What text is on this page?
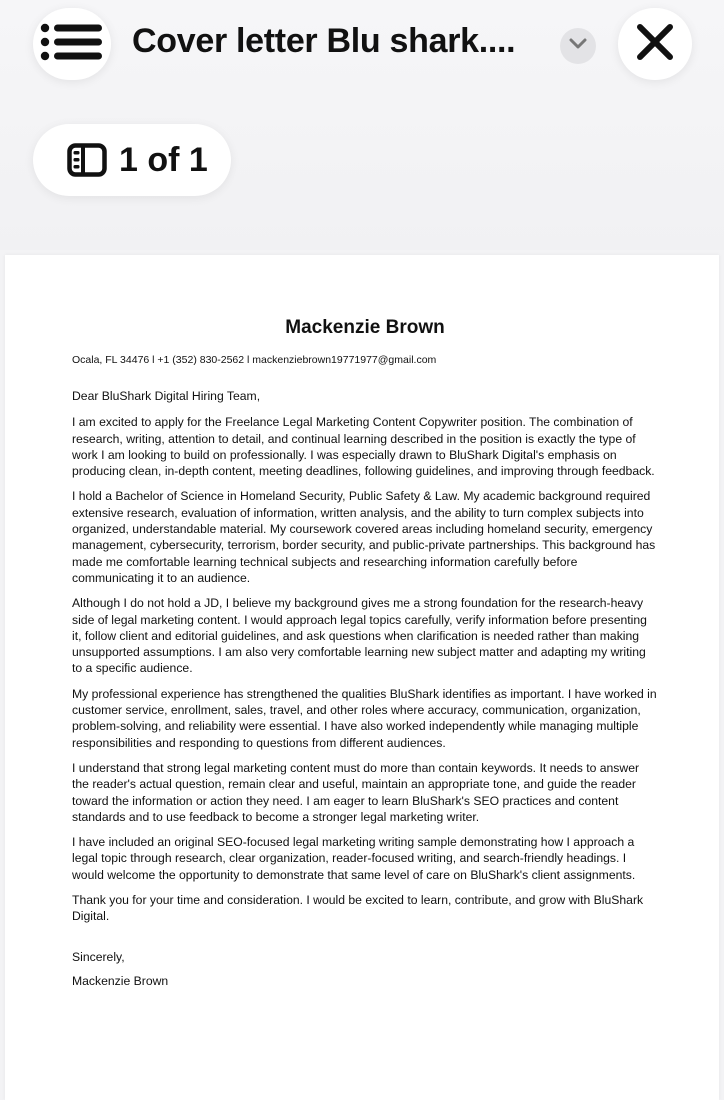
Cover letter Blu shark....
1 of 1
Mackenzie Brown
Ocala, FL 34476 l +1 (352) 830-2562 l mackenziebrown19771977@gmail.com

Dear BluShark Digital Hiring Team,

I am excited to apply for the Freelance Legal Marketing Content Copywriter position. The combination of research, writing, attention to detail, and continual learning described in the position is exactly the type of work I am looking to build on professionally. I was especially drawn to BluShark Digital's emphasis on producing clean, in-depth content, meeting deadlines, following guidelines, and improving through feedback.

I hold a Bachelor of Science in Homeland Security, Public Safety & Law. My academic background required extensive research, evaluation of information, written analysis, and the ability to turn complex subjects into organized, understandable material. My coursework covered areas including homeland security, emergency management, cybersecurity, terrorism, border security, and public-private partnerships. This background has made me comfortable learning technical subjects and researching information carefully before communicating it to an audience.

Although I do not hold a JD, I believe my background gives me a strong foundation for the research-heavy side of legal marketing content. I would approach legal topics carefully, verify information before presenting it, follow client and editorial guidelines, and ask questions when clarification is needed rather than making unsupported assumptions. I am also very comfortable learning new subject matter and adapting my writing to a specific audience.

My professional experience has strengthened the qualities BluShark identifies as important. I have worked in customer service, enrollment, sales, travel, and other roles where accuracy, communication, organization, problem-solving, and reliability were essential. I have also worked independently while managing multiple responsibilities and responding to questions from different audiences.

I understand that strong legal marketing content must do more than contain keywords. It needs to answer the reader's actual question, remain clear and useful, maintain an appropriate tone, and guide the reader toward the information or action they need. I am eager to learn BluShark's SEO practices and content standards and to use feedback to become a stronger legal marketing writer.

I have included an original SEO-focused legal marketing writing sample demonstrating how I approach a legal topic through research, clear organization, reader-focused writing, and search-friendly headings. I would welcome the opportunity to demonstrate that same level of care on BluShark's client assignments.

Thank you for your time and consideration. I would be excited to learn, contribute, and grow with BluShark Digital.

Sincerely,

Mackenzie Brown
